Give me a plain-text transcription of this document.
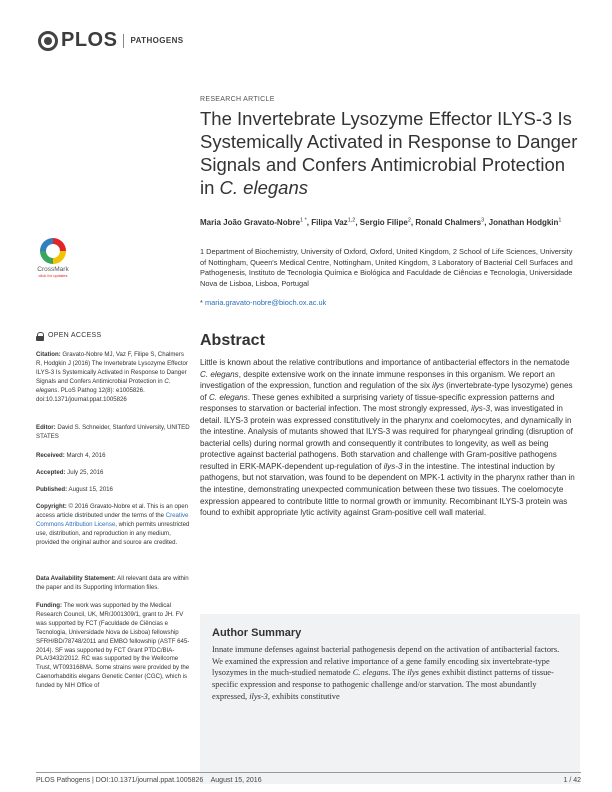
PLOS PATHOGENS
RESEARCH ARTICLE
The Invertebrate Lysozyme Effector ILYS-3 Is Systemically Activated in Response to Danger Signals and Confers Antimicrobial Protection in C. elegans
Maria João Gravato-Nobre$^{1 *}$, Filipa Vaz$^{1,2}$, Sergio Filipe$^2$, Ronald Chalmers$^3$, Jonathan Hodgkin$^1$
1 Department of Biochemistry, University of Oxford, Oxford, United Kingdom, 2 School of Life Sciences, University of Nottingham, Queen's Medical Centre, Nottingham, United Kingdom, 3 Laboratory of Bacterial Cell Surfaces and Pathogenesis, Instituto de Tecnologia Química e Biológica and Faculdade de Ciências e Tecnologia, Universidade Nova de Lisboa, Lisboa, Portugal
* maria.gravato-nobre@bioch.ox.ac.uk
CrossMark
click for updates
OPEN ACCESS
Citation: Gravato-Nobre MJ, Vaz F, Filipe S, Chalmers R, Hodgkin J (2016) The Invertebrate Lysozyme Effector ILYS-3 Is Systemically Activated in Response to Danger Signals and Confers Antimicrobial Protection in C. elegans. PLoS Pathog 12(8): e1005826. doi:10.1371/journal.ppat.1005826
Editor: David S. Schneider, Stanford University, UNITED STATES
Received: March 4, 2016
Accepted: July 25, 2016
Published: August 15, 2016
Copyright: © 2016 Gravato-Nobre et al. This is an open access article distributed under the terms of the Creative Commons Attribution License, which permits unrestricted use, distribution, and reproduction in any medium, provided the original author and source are credited.
Data Availability Statement: All relevant data are within the paper and its Supporting Information files.
Funding: The work was supported by the Medical Research Council, UK, MR/J001309/1, grant to JH. FV was supported by FCT (Faculdade de Ciências e Tecnologia, Universidade Nova de Lisboa) fellowship SFRH/BD/78748/2011 and EMBO fellowship (ASTF 645-2014). SF was supported by FCT Grant PTDC/BIA-PLA/3432/2012. RC was supported by the Wellcome Trust, WT093168MA. Some strains were provided by the Caenorhabditis elegans Genetic Center (CGC), which is funded by NIH Office of
Abstract

Little is known about the relative contributions and importance of antibacterial effectors in the nematode C. elegans, despite extensive work on the innate immune responses in this organism. We report an investigation of the expression, function and regulation of the six ilys (invertebrate-type lysozyme) genes of C. elegans. These genes exhibited a surprising variety of tissue-specific expression patterns and responses to starvation or bacterial infection. The most strongly expressed, ilys-3, was investigated in detail. ILYS-3 protein was expressed constitutively in the pharynx and coelomocytes, and dynamically in the intestine. Analysis of mutants showed that ILYS-3 was required for pharyngeal grinding (disruption of bacterial cells) during normal growth and consequently it contributes to longevity, as well as being protective against bacterial pathogens. Both starvation and challenge with Gram-positive pathogens resulted in ERK-MAPK-dependent up-regulation of ilys-3 in the intestine. The intestinal induction by pathogens, but not starvation, was found to be dependent on MPK-1 activity in the pharynx rather than in the intestine, demonstrating unexpected communication between these two tissues. The coelomocyte expression appeared to contribute little to normal growth or immunity. Recombinant ILYS-3 protein was found to exhibit appropriate lytic activity against Gram-positive cell wall material.

Author Summary

Innate immune defenses against bacterial pathogenesis depend on the activation of antibacterial factors. We examined the expression and relative importance of a gene family encoding six invertebrate-type lysozymes in the much-studied nematode C. elegans. The ilys genes exhibit distinct patterns of tissue-specific expression and response to pathogenic challenge and/or starvation. The most abundantly expressed, ilys-3, exhibits constitutive

PLOS Pathogens | DOI:10.1371/journal.ppat.1005826    August 15, 2016	1 / 42
